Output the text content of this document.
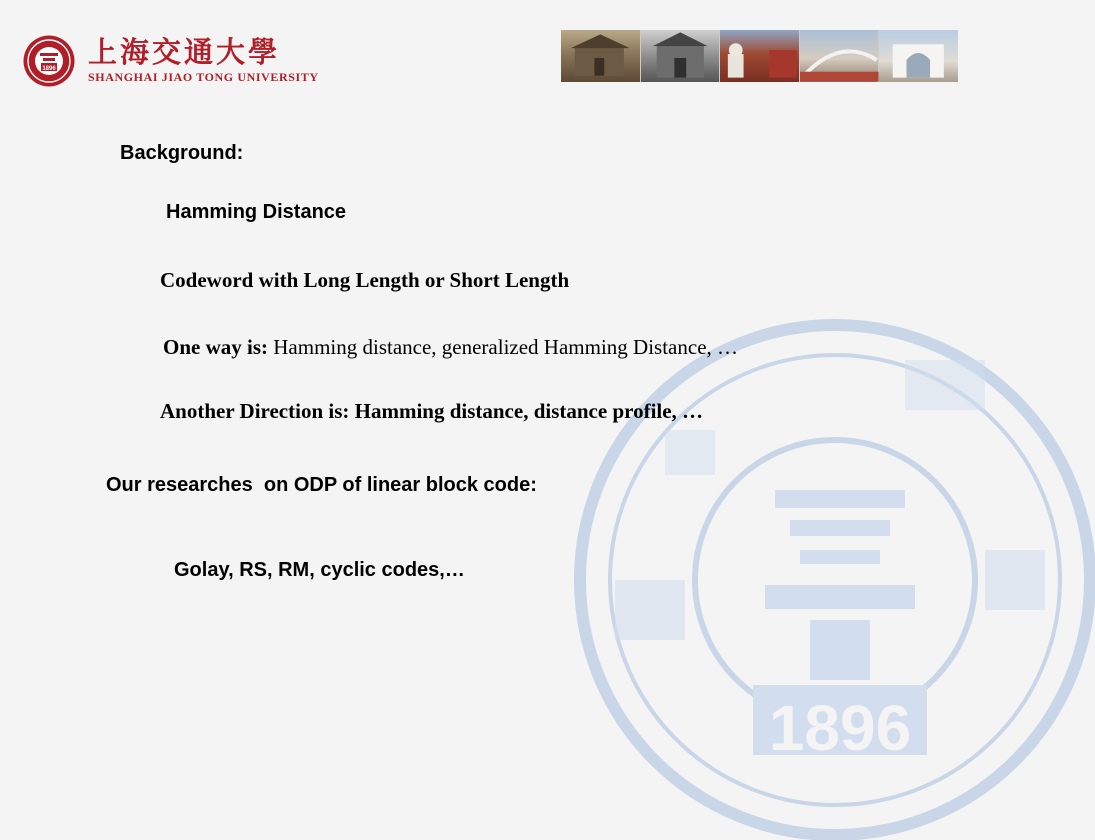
1896
1896 上海交通大學
SHANGHAI JIAO TONG UNIVERSITY
Background:
Hamming Distance
Codeword with Long Length or Short Length
One way is: Hamming distance, generalized Hamming Distance, …
Another Direction is: Hamming distance, distance profile, …
Our researches  on ODP of linear block code:
Golay, RS, RM, cyclic codes,…
